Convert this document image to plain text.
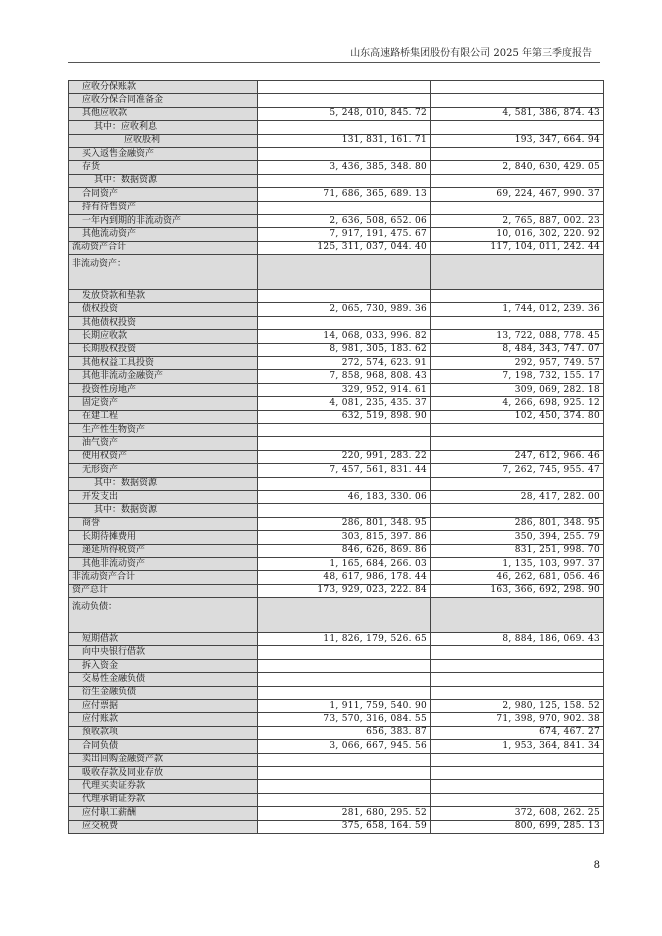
山东高速路桥集团股份有限公司 2025 年第三季度报告
应收分保账款		
应收分保合同准备金		
其他应收款	5, 248, 010, 845. 72	4, 581, 386, 874. 43
其中：应收利息		
应收股利	131, 831, 161. 71	193, 347, 664. 94
买入返售金融资产		
存货	3, 436, 385, 348. 80	2, 840, 630, 429. 05
其中：数据资源		
合同资产	71, 686, 365, 689. 13	69, 224, 467, 990. 37
持有待售资产		
一年内到期的非流动资产	2, 636, 508, 652. 06	2, 765, 887, 002. 23
其他流动资产	7, 917, 191, 475. 67	10, 016, 302, 220. 92
流动资产合计	125, 311, 037, 044. 40	117, 104, 011, 242. 44
非流动资产：		
发放贷款和垫款		
债权投资	2, 065, 730, 989. 36	1, 744, 012, 239. 36
其他债权投资		
长期应收款	14, 068, 033, 996. 82	13, 722, 088, 778. 45
长期股权投资	8, 981, 305, 183. 62	8, 484, 343, 747. 07
其他权益工具投资	272, 574, 623. 91	292, 957, 749. 57
其他非流动金融资产	7, 858, 968, 808. 43	7, 198, 732, 155. 17
投资性房地产	329, 952, 914. 61	309, 069, 282. 18
固定资产	4, 081, 235, 435. 37	4, 266, 698, 925. 12
在建工程	632, 519, 898. 90	102, 450, 374. 80
生产性生物资产		
油气资产		
使用权资产	220, 991, 283. 22	247, 612, 966. 46
无形资产	7, 457, 561, 831. 44	7, 262, 745, 955. 47
其中：数据资源		
开发支出	46, 183, 330. 06	28, 417, 282. 00
其中：数据资源		
商誉	286, 801, 348. 95	286, 801, 348. 95
长期待摊费用	303, 815, 397. 86	350, 394, 255. 79
递延所得税资产	846, 626, 869. 86	831, 251, 998. 70
其他非流动资产	1, 165, 684, 266. 03	1, 135, 103, 997. 37
非流动资产合计	48, 617, 986, 178. 44	46, 262, 681, 056. 46
资产总计	173, 929, 023, 222. 84	163, 366, 692, 298. 90
流动负债：		
短期借款	11, 826, 179, 526. 65	8, 884, 186, 069. 43
向中央银行借款		
拆入资金		
交易性金融负债		
衍生金融负债		
应付票据	1, 911, 759, 540. 90	2, 980, 125, 158. 52
应付账款	73, 570, 316, 084. 55	71, 398, 970, 902. 38
预收款项	656, 383. 87	674, 467. 27
合同负债	3, 066, 667, 945. 56	1, 953, 364, 841. 34
卖出回购金融资产款		
吸收存款及同业存放		
代理买卖证券款		
代理承销证券款		
应付职工薪酬	281, 680, 295. 52	372, 608, 262. 25
应交税费	375, 658, 164. 59	800, 699, 285. 13
8
